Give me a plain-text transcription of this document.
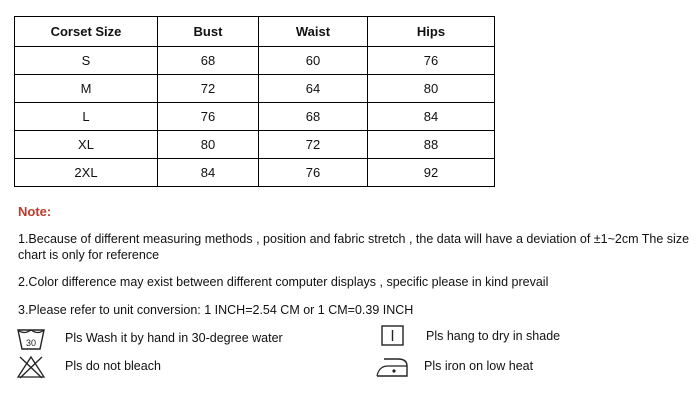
Corset Size	Bust	Waist	Hips
S	68	60	76
M	72	64	80
L	76	68	84
XL	80	72	88
2XL	84	76	92
Note:
1.Because of different measuring methods , position and fabric stretch , the data will have a deviation of ±1~2cm The size chart is only for reference
2.Color difference may exist between different computer displays , specific please in kind prevail
3.Please refer to unit conversion: 1 INCH=2.54 CM or 1 CM=0.39 INCH
30 Pls Wash it by hand in 30-degree water	Pls hang to dry in shade
Pls do not bleach	Pls iron on low heat
